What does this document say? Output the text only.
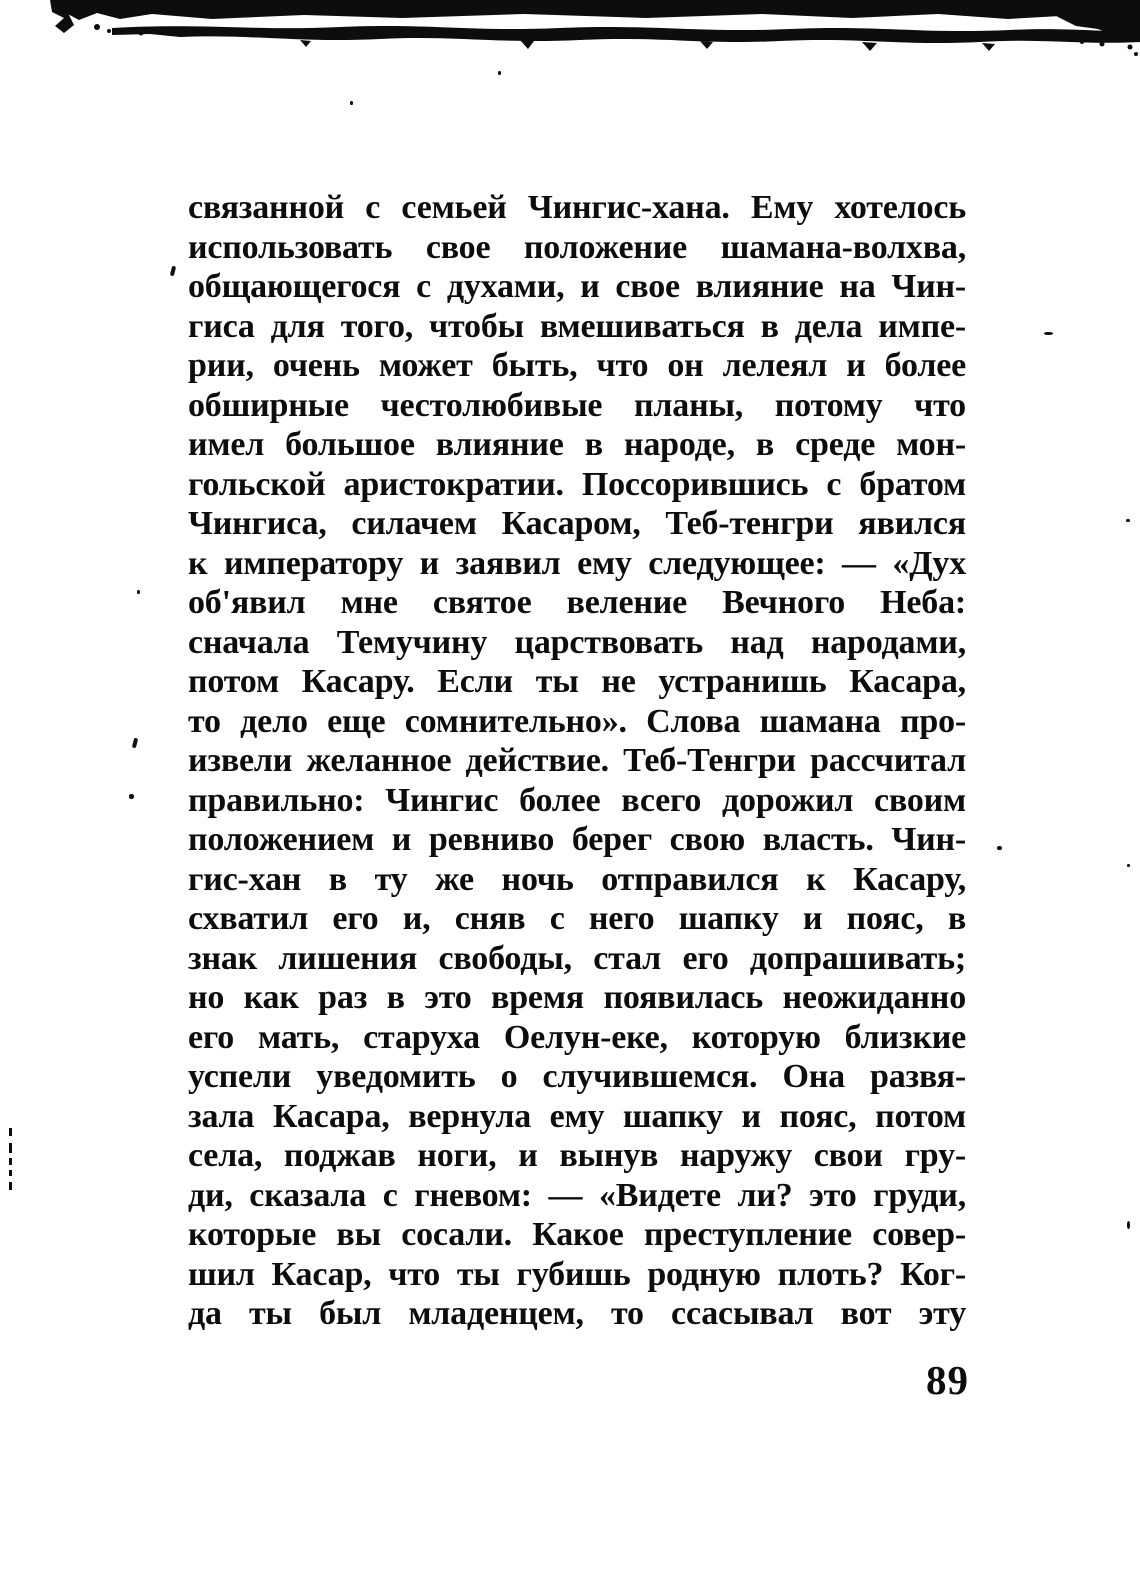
связанной с семьей Чингис-хана. Ему хотелось
использовать свое положение шамана-волхва,
общающегося с духами, и свое влияние на Чин-
гиса для того, чтобы вмешиваться в дела импе-
рии, очень может быть, что он лелеял и более
обширные честолюбивые планы, потому что
имел большое влияние в народе, в среде мон-
гольской аристократии. Поссорившись с братом
Чингиса, силачем Касаром, Теб-тенгри явился
к императору и заявил ему следующее: — «Дух
об'явил мне святое веление Вечного Неба:
сначала Темучину царствовать над народами,
потом Касару. Если ты не устранишь Касара,
то дело еще сомнительно». Слова шамана про-
извели желанное действие. Теб-Тенгри рассчитал
правильно: Чингис более всего дорожил своим
положением и ревниво берег свою власть. Чин-
гис-хан в ту же ночь отправился к Касару,
схватил его и, сняв с него шапку и пояс, в
знак лишения свободы, стал его допрашивать;
но как раз в это время появилась неожиданно
его мать, старуха Оелун-еке, которую близкие
успели уведомить о случившемся. Она развя-
зала Касара, вернула ему шапку и пояс, потом
села, поджав ноги, и вынув наружу свои гру-
ди, сказала с гневом: — «Видете ли? это груди,
которые вы сосали. Какое преступление совер-
шил Касар, что ты губишь родную плоть? Ког-
да ты был младенцем, то ссасывал вот эту
89
